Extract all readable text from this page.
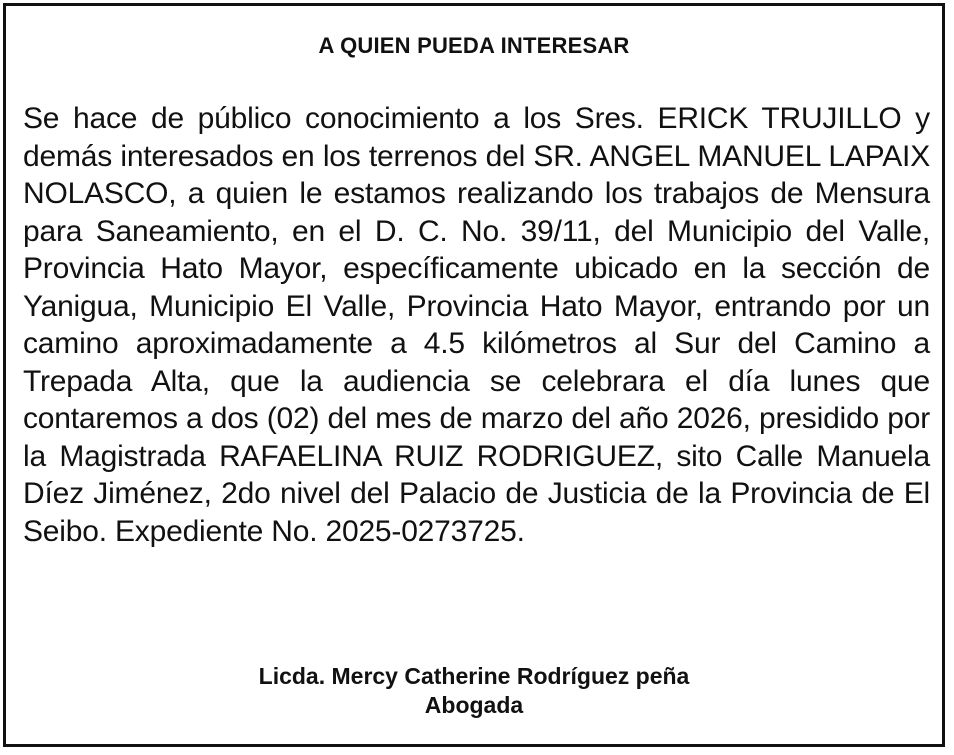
A QUIEN PUEDA INTERESAR

Se hace de público conocimiento a los Sres. ERICK TRUJILLO y demás interesados en los terrenos del SR. ANGEL MANUEL LAPAIX NOLASCO, a quien le estamos realizando los trabajos de Mensura para Saneamiento, en el D. C. No. 39/11, del Municipio del Valle, Provincia Hato Mayor, específicamente ubicado en la sección de Yanigua, Municipio El Valle, Provincia Hato Mayor, entrando por un camino aproximadamente a 4.5 kilómetros al Sur del Camino a Trepada Alta, que la audiencia se celebrara el día lunes que contaremos a dos (02) del mes de marzo del año 2026, presidido por la Magistrada RAFAELINA RUIZ RODRIGUEZ, sito Calle Manuela Díez Jiménez, 2do nivel del Palacio de Justicia de la Provincia de El Seibo. Expediente No. 2025-0273725.

Licda. Mercy Catherine Rodríguez peña
Abogada
